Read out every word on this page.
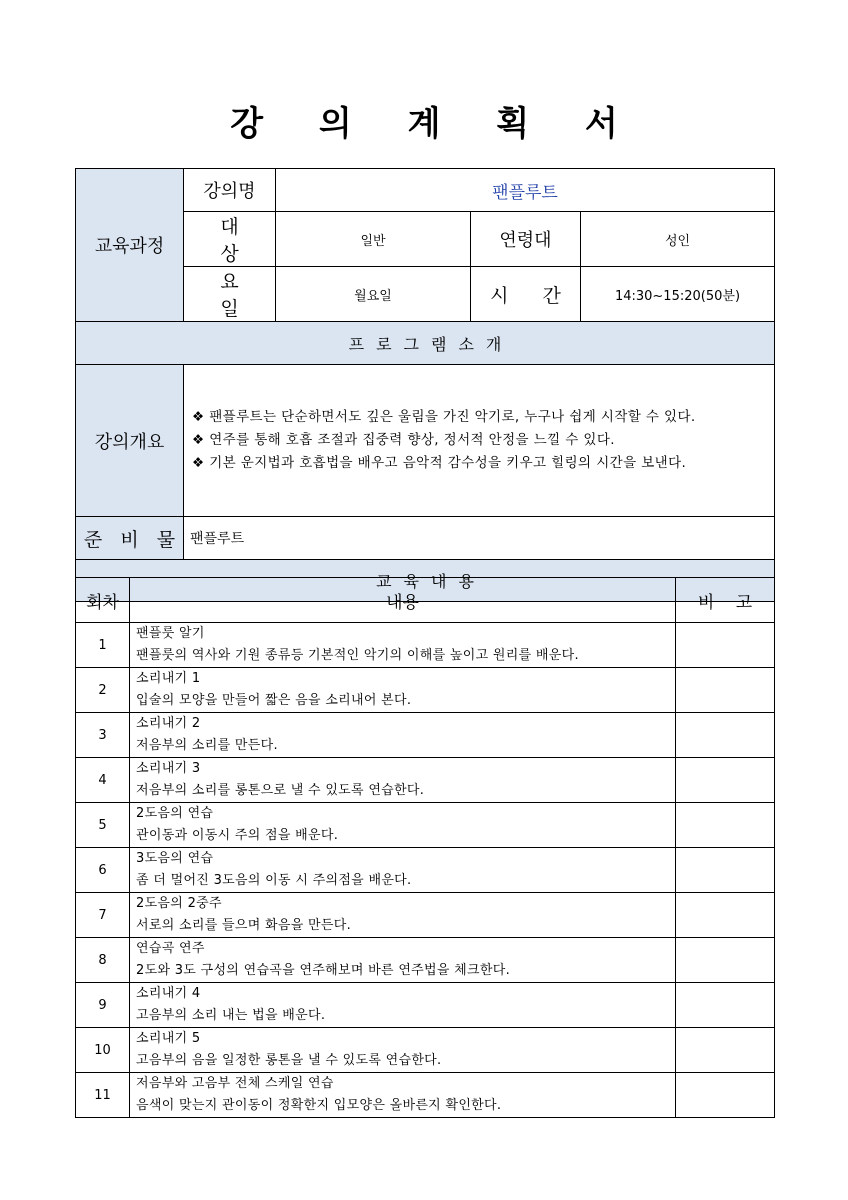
강 의 계 획 서
교육과정	강의명	팬플루트		
	대 상	일반	연령대	성인
	요 일	월요일	시 간	14:30~15:20(50분)
프로그램소개				
강의개요	❖ 팬플루트는 단순하면서도 깊은 울림을 가진 악기로, 누구나 쉽게 시작할 수 있다.
❖ 연주를 통해 호흡 조절과 집중력 향상, 정서적 안정을 느낄 수 있다.
❖ 기본 운지법과 호흡법을 배우고 음악적 감수성을 키우고 힐링의 시간을 보낸다.			

준 비 물	팬플루트			
교육내용				
회차	내용	비 고
1	팬플룻 알기
팬플룻의 역사와 기원 종류등 기본적인 악기의 이해를 높이고 원리를 배운다.	

2	소리내기 1
입술의 모양을 만들어 짧은 음을 소리내어 본다.	

3	소리내기 2
저음부의 소리를 만든다.	

4	소리내기 3
저음부의 소리를 롱톤으로 낼 수 있도록 연습한다.	

5	2도음의 연습
관이동과 이동시 주의 점을 배운다.	

6	3도음의 연습
좀 더 멀어진 3도음의 이동 시 주의점을 배운다.	

7	2도음의 2중주
서로의 소리를 들으며 화음을 만든다.	

8	연습곡 연주
2도와 3도 구성의 연습곡을 연주해보며 바른 연주법을 체크한다.	

9	소리내기 4
고음부의 소리 내는 법을 배운다.	

10	소리내기 5
고음부의 음을 일정한 롱톤을 낼 수 있도록 연습한다.	

11	저음부와 고음부 전체 스케일 연습
음색이 맞는지 관이동이 정확한지 입모양은 올바른지 확인한다.	
